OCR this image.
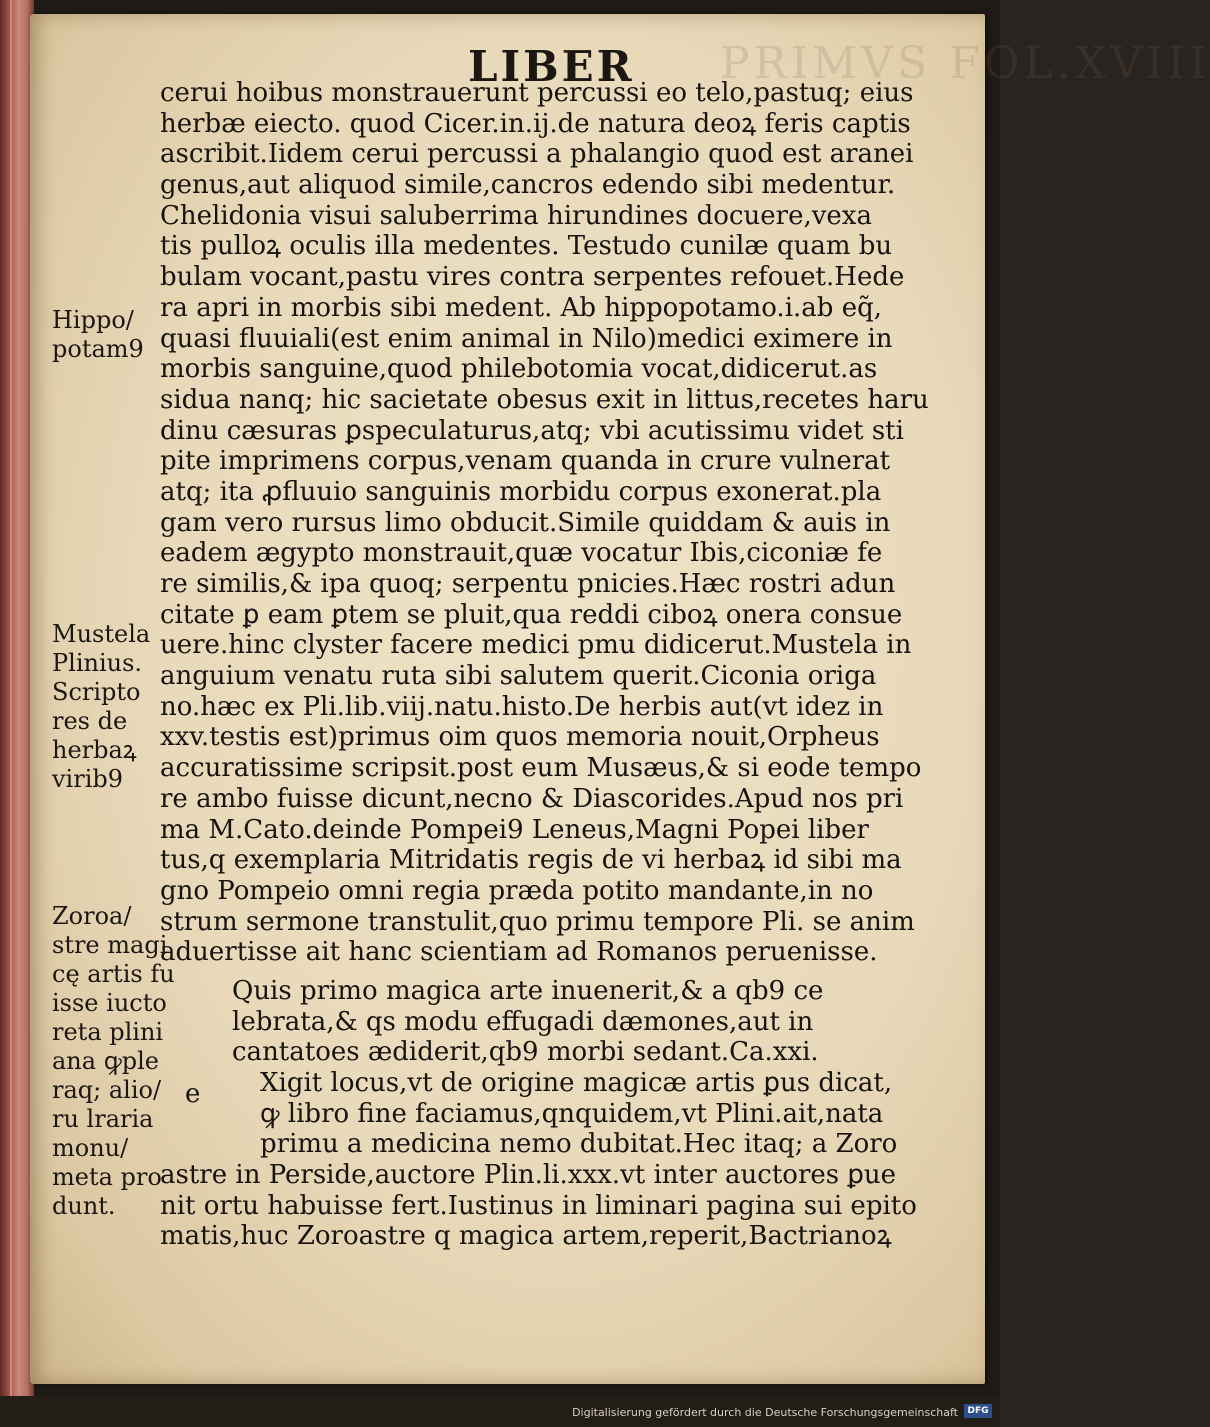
PRIMVS FOL.XVIII
LIBER
cerui hoibus monstrauerunt percussi eo telo,pastuq; eius
herbæ eiecto. quod Cicer.in.ij.de natura deoꝝ feris captis
ascribit.Iidem cerui percussi a phalangio quod est aranei
genus,aut aliquod simile,cancros edendo sibi medentur.
Chelidonia visui saluberrima hirundines docuere,vexa
tis pulloꝝ oculis illa medentes. Testudo cunilæ quam bu
bulam vocant,pastu vires contra serpentes refouet.Hede
ra apri in morbis sibi medent. Ab hippopotamo.i.ab eq̃,
quasi fluuiali(est enim animal in Nilo)medici eximere in
morbis sanguine,quod philebotomia vocat,didicerut.as
sidua nanq; hic sacietate obesus exit in littus,recetes haru
dinu cæsuras ꝑspeculaturus,atq; vbi acutissimu videt sti
pite imprimens corpus,venam quanda in crure vulnerat
atq; ita ꝓfluuio sanguinis morbidu corpus exonerat.pla
gam vero rursus limo obducit.Simile quiddam & auis in
eadem ægypto monstrauit,quæ vocatur Ibis,ciconiæ fe
re similis,& ipa quoq; serpentu pnicies.Hæc rostri adun
citate ꝑ eam ꝑtem se pluit,qua reddi ciboꝝ onera consue
uere.hinc clyster facere medici pmu didicerut.Mustela in
anguium venatu ruta sibi salutem querit.Ciconia origa
no.hæc ex Pli.lib.viij.natu.histo.De herbis aut(vt idez in
xxv.testis est)primus oim quos memoria nouit,Orpheus
accuratissime scripsit.post eum Musæus,& si eode tempo
re ambo fuisse dicunt,necno & Diascorides.Apud nos pri
ma M.Cato.deinde Pompei9 Leneus,Magni Popei liber
tus,q exemplaria Mitridatis regis de vi herbaꝝ id sibi ma
gno Pompeio omni regia præda potito mandante,in no
strum sermone transtulit,quo primu tempore Pli. se anim
aduertisse ait hanc scientiam ad Romanos peruenisse.
Quis primo magica arte inuenerit,& a qb9 ce
lebrata,& qs modu effugadi dæmones,aut in
cantatoes ædiderit,qb9 morbi sedant.Ca.xxi.
Xigit locus,vt de origine magicæ artis ꝑus dicat,
ꝙ libro fine faciamus,qnquidem,vt Plini.ait,nata
primu a medicina nemo dubitat.Hec itaq; a Zoro
astre in Perside,auctore Plin.li.xxx.vt inter auctores ꝑue
nit ortu habuisse fert.Iustinus in liminari pagina sui epito
matis,huc Zoroastre q magica artem,reperit,Bactrianoꝝ
e
Hippo/
potam9
Mustela
Plinius.
Scripto
res de
herbaꝝ
virib9
Zoroa/
stre magi
cę artis fu
isse iucto
reta plini
ana ꝙple
raq; alio/
ru lraria
monu/
meta pro
dunt.
Digitalisierung gefördert durch die Deutsche Forschungsgemeinschaft	DFG
